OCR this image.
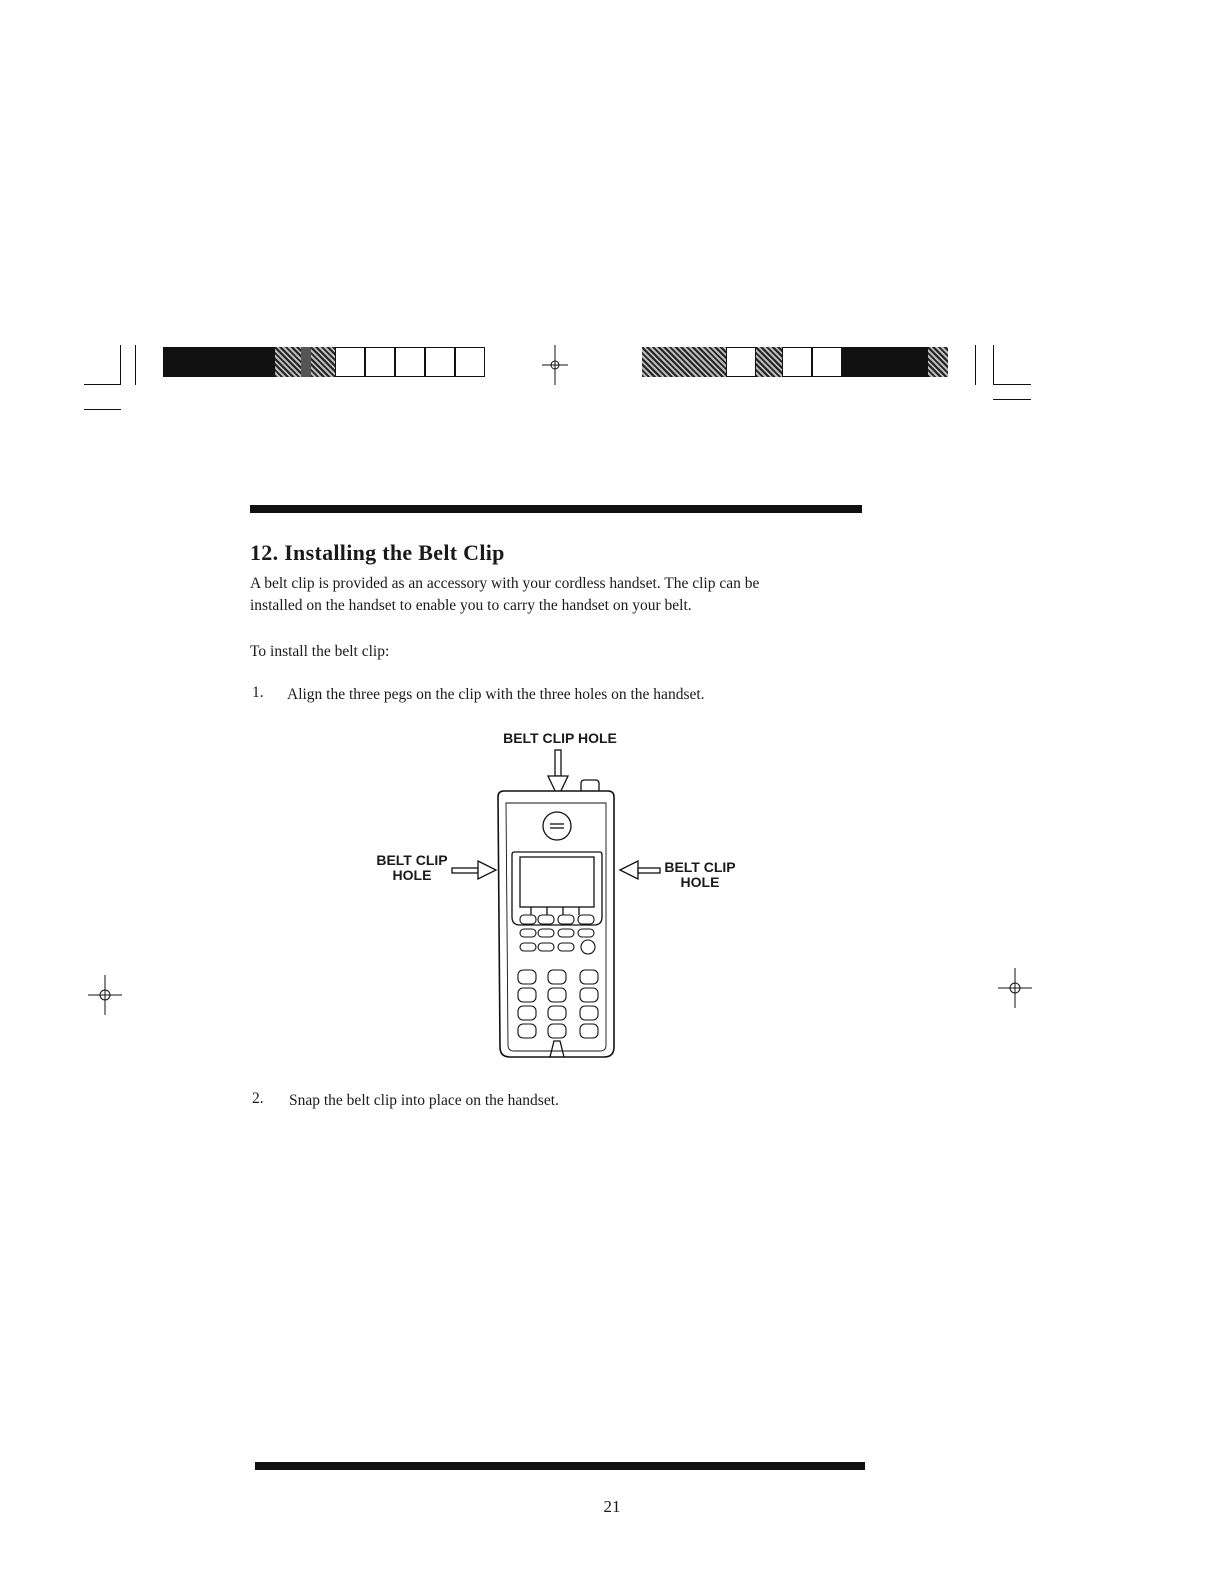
12. Installing the Belt Clip
A belt clip is provided as an accessory with your cordless handset. The clip can be
installed on the handset to enable you to carry the handset on your belt.
To install the belt clip:
1. Align the three pegs on the clip with the three holes on the handset.
BELT CLIP HOLE
BELT CLIP
HOLE	BELT CLIP
HOLE
2. Snap the belt clip into place on the handset.
21
